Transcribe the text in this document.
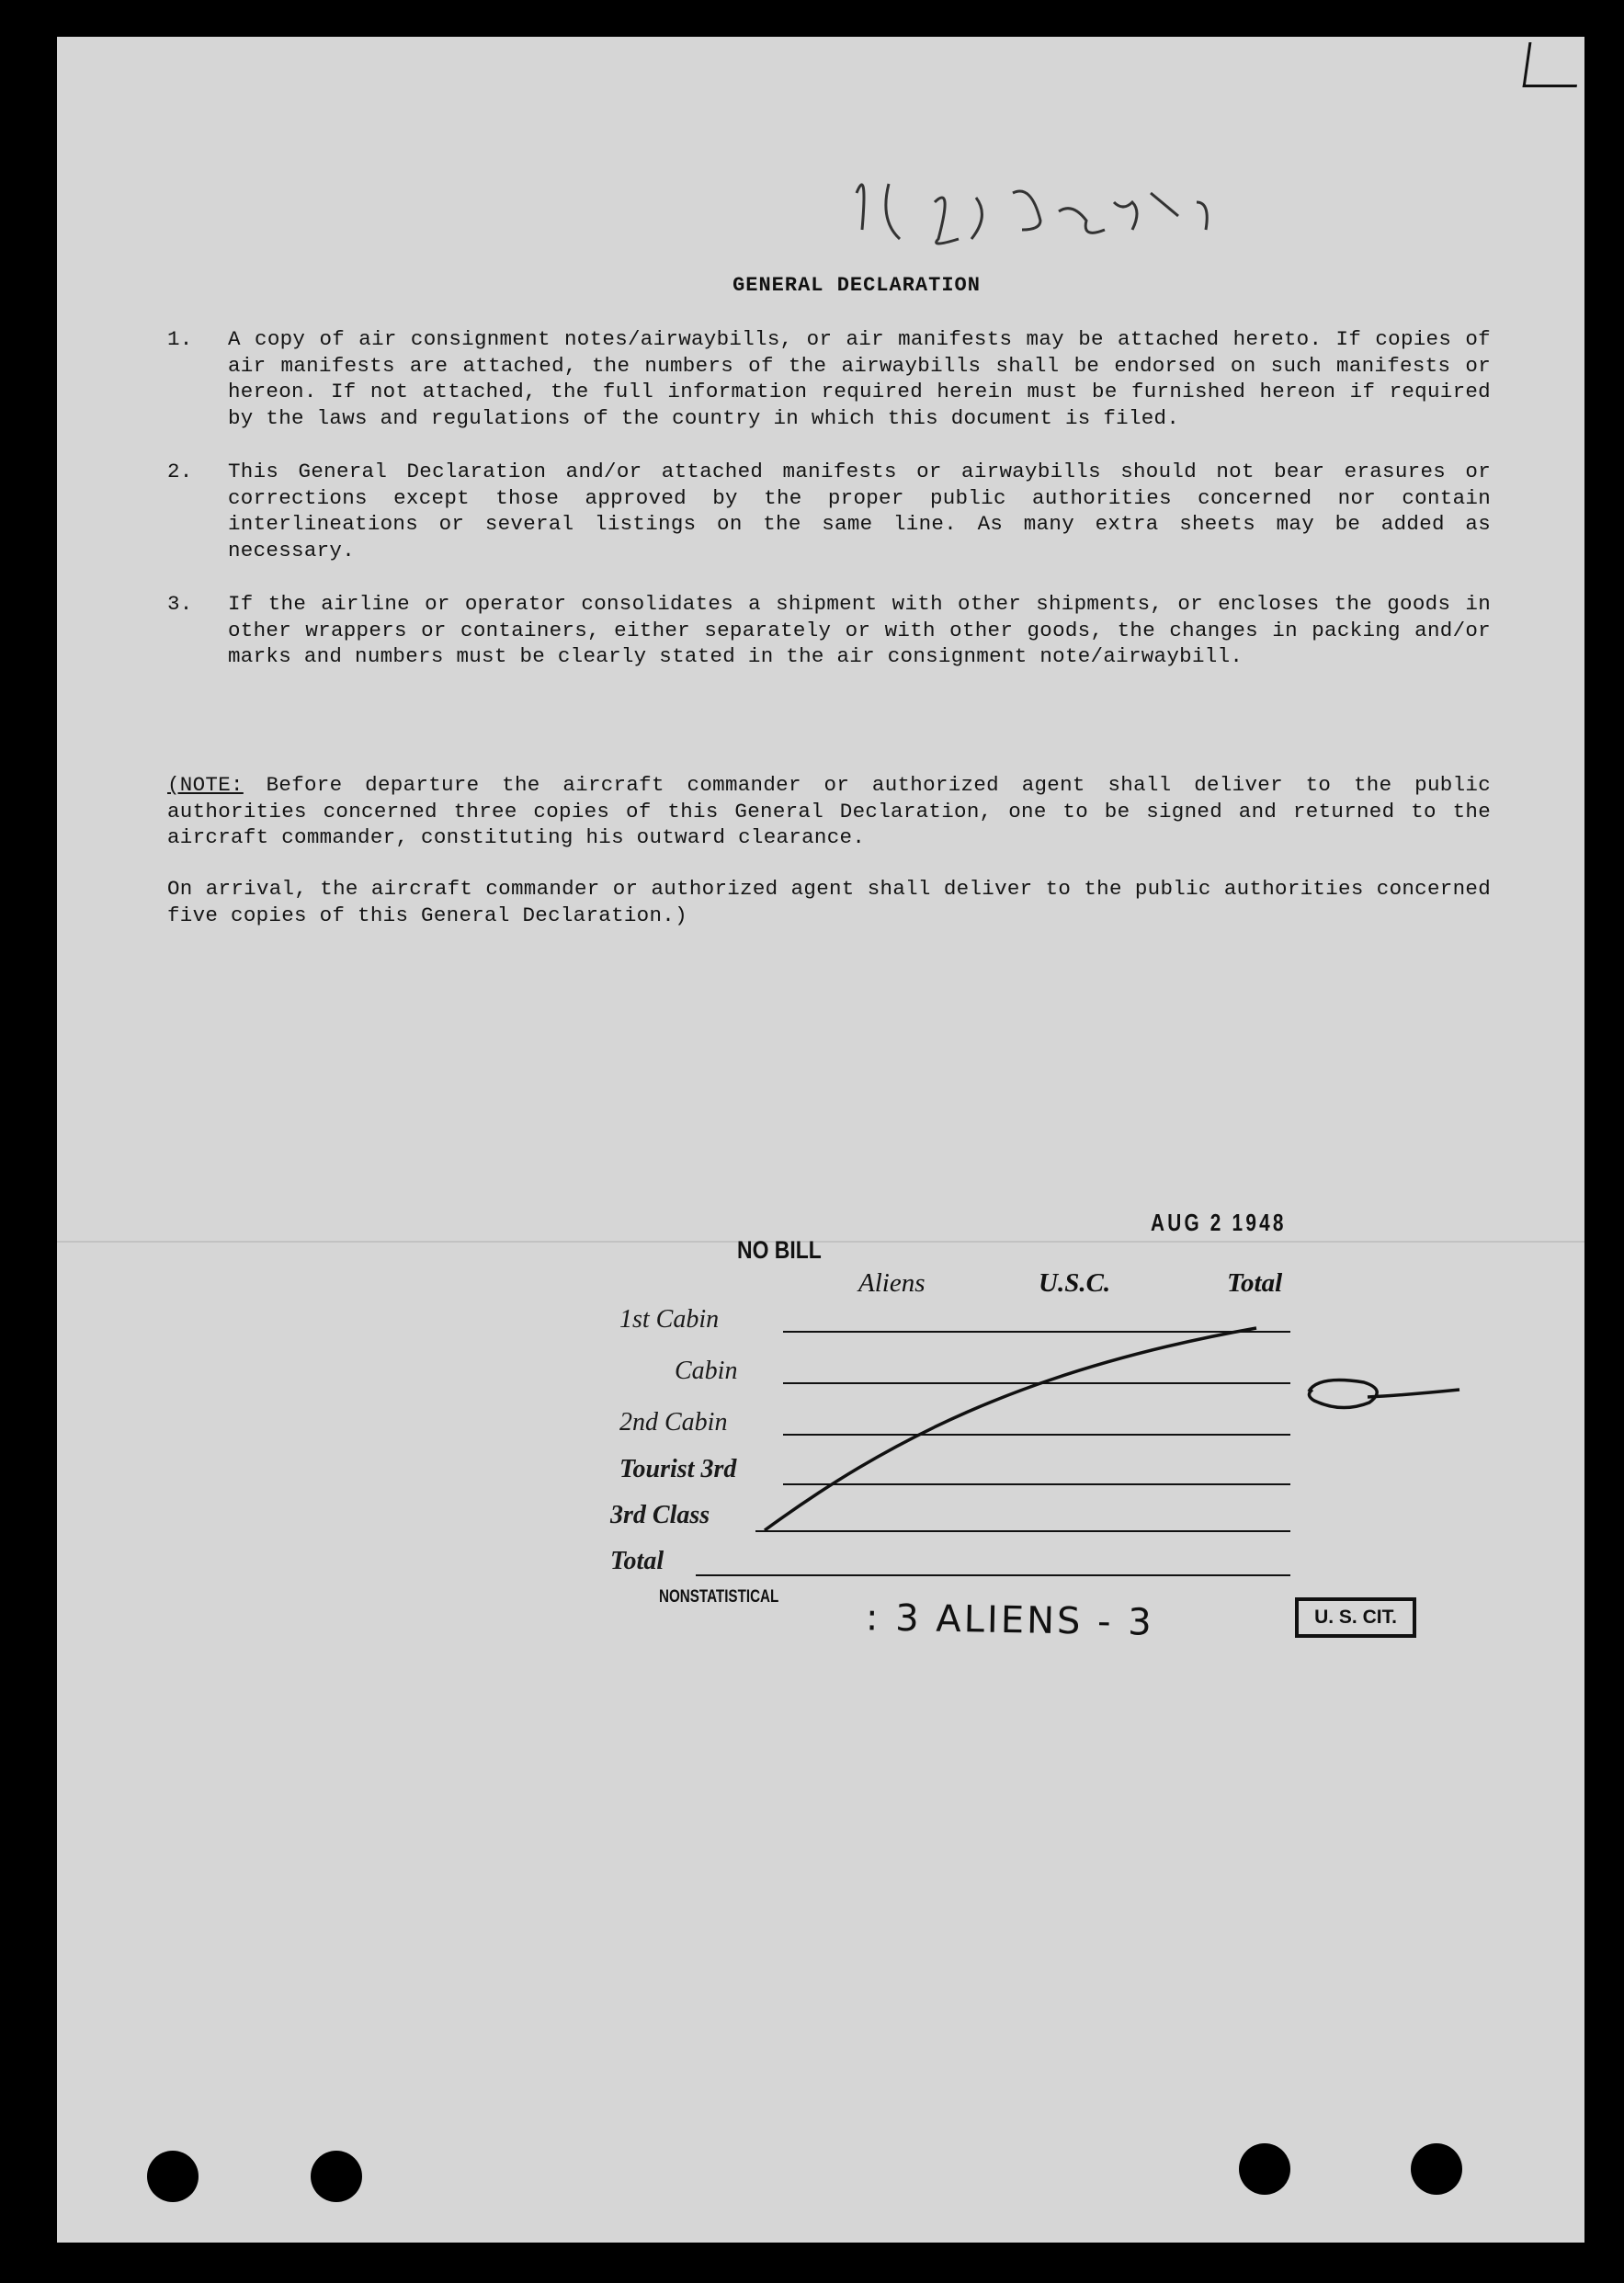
GENERAL DECLARATION
1. A copy of air consignment notes/airwaybills, or air manifests may be attached hereto. If copies of air manifests are attached, the numbers of the airwaybills shall be endorsed on such manifests or hereon. If not attached, the full information required herein must be furnished hereon if required by the laws and regulations of the country in which this document is filed.
2. This General Declaration and/or attached manifests or airwaybills should not bear erasures or corrections except those approved by the proper public authorities concerned nor contain interlineations or several listings on the same line. As many extra sheets may be added as necessary.
3. If the airline or operator consolidates a shipment with other shipments, or encloses the goods in other wrappers or containers, either separately or with other goods, the changes in packing and/or marks and numbers must be clearly stated in the air consignment note/airwaybill.
(NOTE: Before departure the aircraft commander or authorized agent shall deliver to the public authorities concerned three copies of this General Declaration, one to be signed and returned to the aircraft commander, constituting his outward clearance.
On arrival, the aircraft commander or authorized agent shall deliver to the public authorities concerned five copies of this General Declaration.)
AUG 2 1948
NO BILL
Aliens	U.S.C.	Total
1st Cabin
Cabin
2nd Cabin
Tourist 3rd
3rd Class
Total
NONSTATISTICAL : 3 ALIENS - 3	U. S. CIT.
